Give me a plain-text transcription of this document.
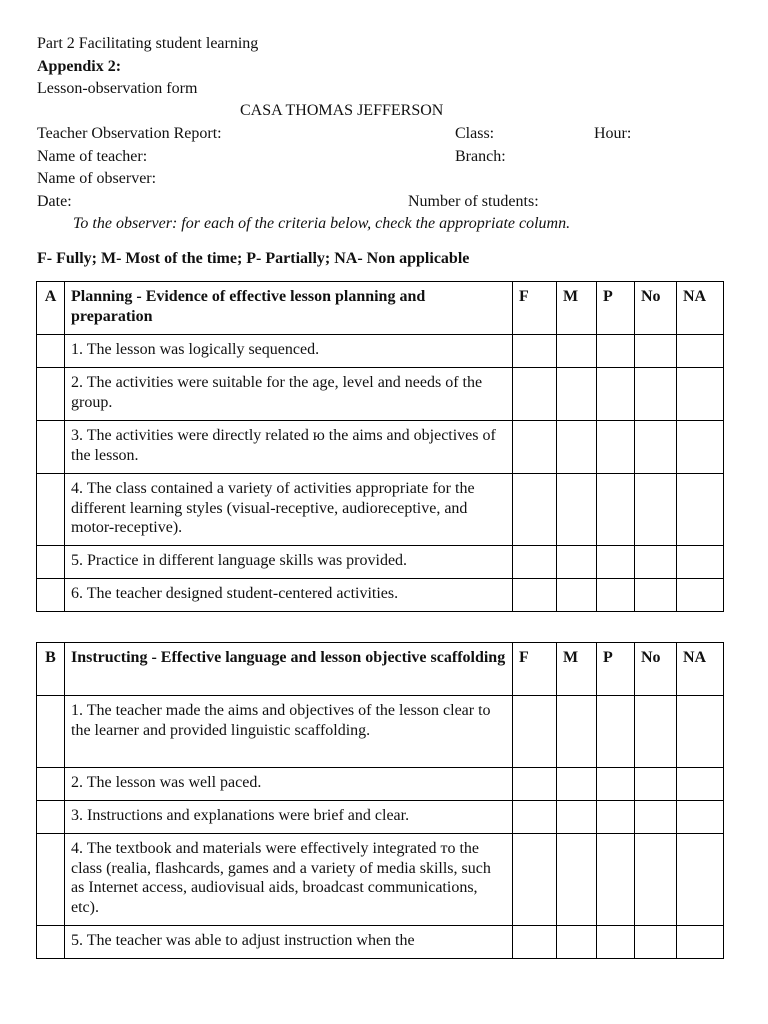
Part 2 Facilitating student learning
Appendix 2:
Lesson-observation form
CASA THOMAS JEFFERSON
Teacher Observation Report:	Class:	Hour:
Name of teacher:	Branch:
Name of observer:
Date:	Number of students:
To the observer: for each of the criteria below, check the appropriate column.
F- Fully; M- Most of the time; P- Partially; NA- Non applicable
A	Planning - Evidence of effective lesson planning and preparation	F	M	P	No	NA
	1. The lesson was logically sequenced.					
	2. The activities were suitable for the age, level and needs of the group.					
	3. The activities were directly related ю the aims and objectives of the lesson.					
	4. The class contained a variety of activities appropriate for the different learning styles (visual-receptive, audioreceptive, and motor-receptive).					
	5. Practice in different language skills was provided.					
	6. The teacher designed student-centered activities.					
B	Instructing - Effective language and lesson objective scaffolding	F	M	P	No	NA
	1. The teacher made the aims and objectives of the lesson clear to the learner and provided linguistic scaffolding.					
	2. The lesson was well paced.					
	3. Instructions and explanations were brief and clear.					
	4. The textbook and materials were effectively integrated тo the class (realia, flashcards, games and a variety of media skills, such as Internet access, audiovisual aids, broadcast communications, etc).					
	5. The teacher was able to adjust instruction when the					
